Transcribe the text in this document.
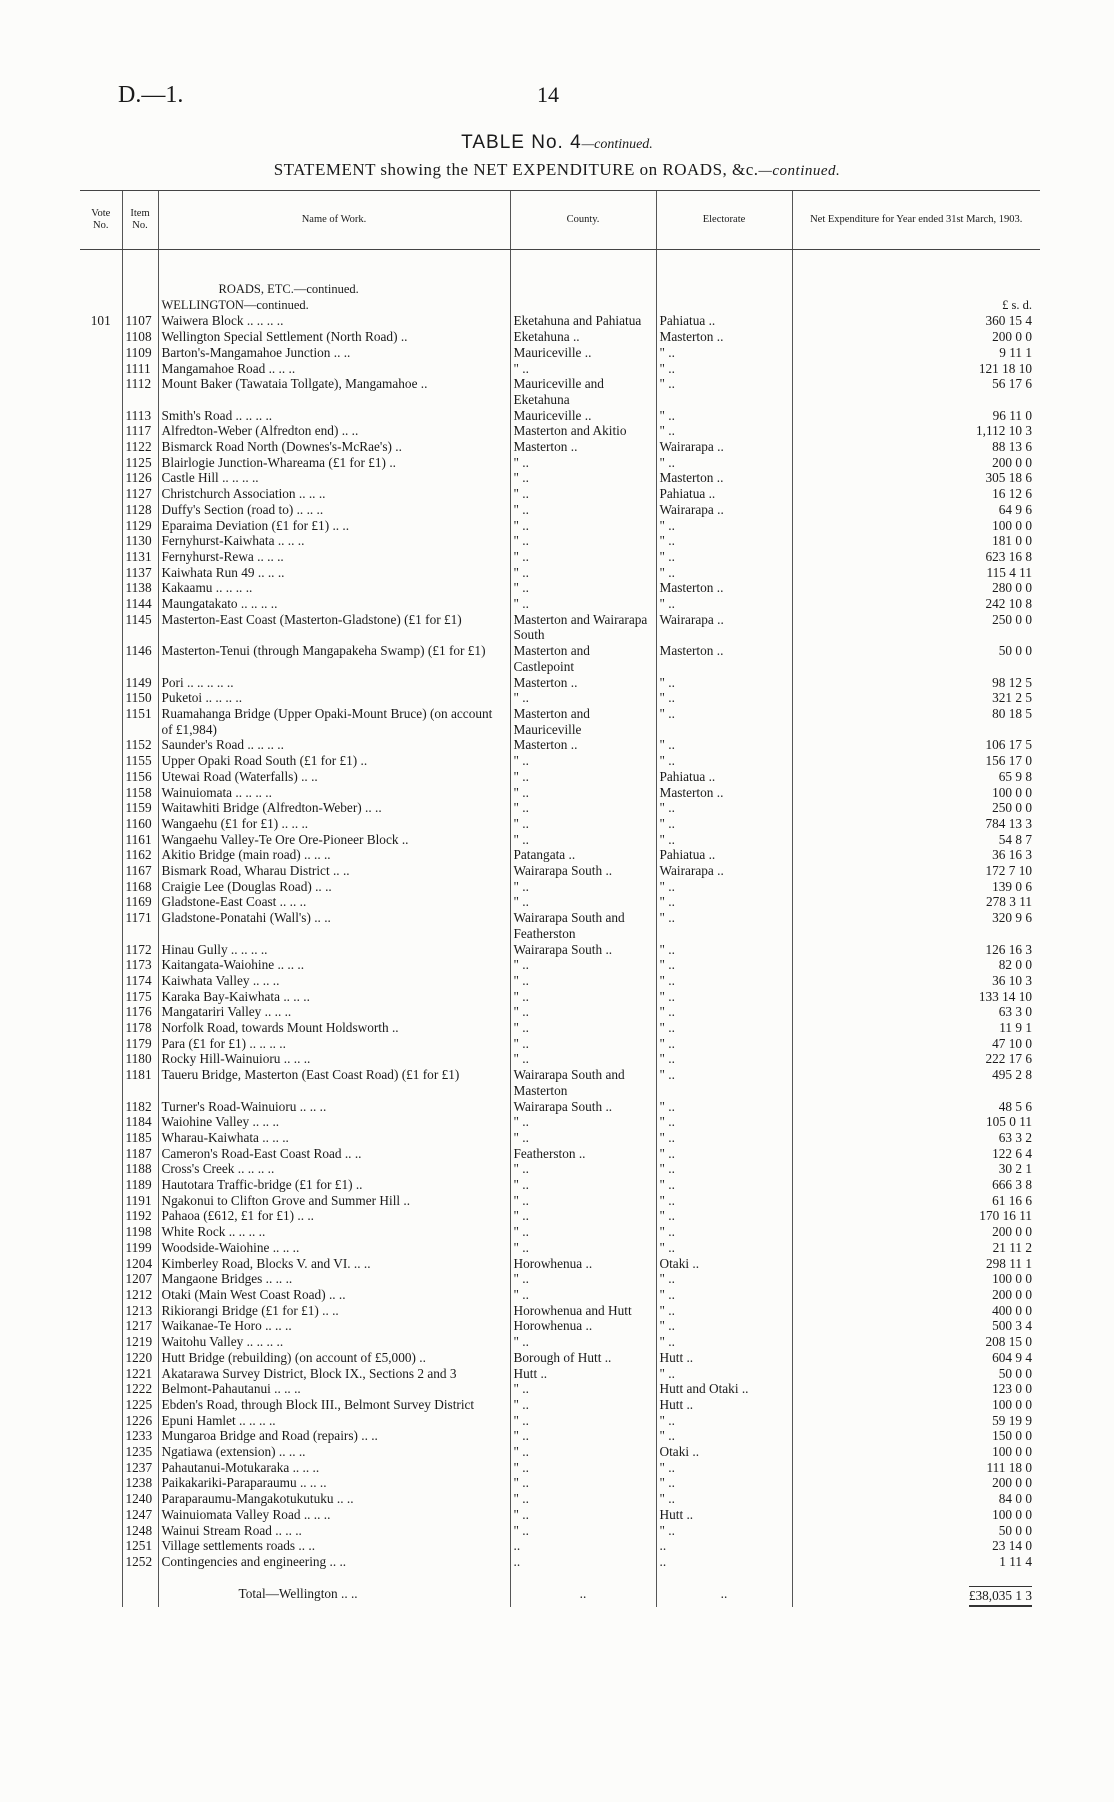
D.—1.	14
TABLE No. 4—continued.
STATEMENT showing the NET EXPENDITURE on ROADS, &c.—continued.
Vote No.	Item No.	Name of Work.	County.	Electorate	Net Expenditure for Year ended 31st March, 1903.

		ROADS, ETC.—continued.			
		WELLINGTON—continued.			£ s. d.
101	1107	Waiwera Block .. .. .. ..	Eketahuna and Pahiatua	Pahiatua ..	360 15 4
	1108	Wellington Special Settlement (North Road) ..	Eketahuna ..	Masterton ..	200 0 0
	1109	Barton's-Mangamahoe Junction .. ..	Mauriceville ..	" ..	9 11 1
	1111	Mangamahoe Road .. .. ..	" ..	" ..	121 18 10
	1112	Mount Baker (Tawataia Tollgate), Mangamahoe ..	Mauriceville and Eketahuna	" ..	56 17 6
	1113	Smith's Road .. .. .. ..	Mauriceville ..	" ..	96 11 0
	1117	Alfredton-Weber (Alfredton end) .. ..	Masterton and Akitio	" ..	1,112 10 3
	1122	Bismarck Road North (Downes's-McRae's) ..	Masterton ..	Wairarapa ..	88 13 6
	1125	Blairlogie Junction-Whareama (£1 for £1) ..	" ..	" ..	200 0 0
	1126	Castle Hill .. .. .. ..	" ..	Masterton ..	305 18 6
	1127	Christchurch Association .. .. ..	" ..	Pahiatua ..	16 12 6
	1128	Duffy's Section (road to) .. .. ..	" ..	Wairarapa ..	64 9 6
	1129	Eparaima Deviation (£1 for £1) .. ..	" ..	" ..	100 0 0
	1130	Fernyhurst-Kaiwhata .. .. ..	" ..	" ..	181 0 0
	1131	Fernyhurst-Rewa .. .. ..	" ..	" ..	623 16 8
	1137	Kaiwhata Run 49 .. .. ..	" ..	" ..	115 4 11
	1138	Kakaamu .. .. .. ..	" ..	Masterton ..	280 0 0
	1144	Maungatakato .. .. .. ..	" ..	" ..	242 10 8
	1145	Masterton-East Coast (Masterton-Gladstone) (£1 for £1)	Masterton and Wairarapa South	Wairarapa ..	250 0 0
	1146	Masterton-Tenui (through Mangapakeha Swamp) (£1 for £1)	Masterton and Castlepoint	Masterton ..	50 0 0
	1149	Pori .. .. .. .. ..	Masterton ..	" ..	98 12 5
	1150	Puketoi .. .. .. ..	" ..	" ..	321 2 5
	1151	Ruamahanga Bridge (Upper Opaki-Mount Bruce) (on account of £1,984)	Masterton and Mauriceville	" ..	80 18 5
	1152	Saunder's Road .. .. .. ..	Masterton ..	" ..	106 17 5
	1155	Upper Opaki Road South (£1 for £1) ..	" ..	" ..	156 17 0
	1156	Utewai Road (Waterfalls) .. ..	" ..	Pahiatua ..	65 9 8
	1158	Wainuiomata .. .. .. ..	" ..	Masterton ..	100 0 0
	1159	Waitawhiti Bridge (Alfredton-Weber) .. ..	" ..	" ..	250 0 0
	1160	Wangaehu (£1 for £1) .. .. ..	" ..	" ..	784 13 3
	1161	Wangaehu Valley-Te Ore Ore-Pioneer Block ..	" ..	" ..	54 8 7
	1162	Akitio Bridge (main road) .. .. ..	Patangata ..	Pahiatua ..	36 16 3
	1167	Bismark Road, Wharau District .. ..	Wairarapa South ..	Wairarapa ..	172 7 10
	1168	Craigie Lee (Douglas Road) .. ..	" ..	" ..	139 0 6
	1169	Gladstone-East Coast .. .. ..	" ..	" ..	278 3 11
	1171	Gladstone-Ponatahi (Wall's) .. ..	Wairarapa South and Featherston	" ..	320 9 6
	1172	Hinau Gully .. .. .. ..	Wairarapa South ..	" ..	126 16 3
	1173	Kaitangata-Waiohine .. .. ..	" ..	" ..	82 0 0
	1174	Kaiwhata Valley .. .. ..	" ..	" ..	36 10 3
	1175	Karaka Bay-Kaiwhata .. .. ..	" ..	" ..	133 14 10
	1176	Mangatariri Valley .. .. ..	" ..	" ..	63 3 0
	1178	Norfolk Road, towards Mount Holdsworth ..	" ..	" ..	11 9 1
	1179	Para (£1 for £1) .. .. .. ..	" ..	" ..	47 10 0
	1180	Rocky Hill-Wainuioru .. .. ..	" ..	" ..	222 17 6
	1181	Taueru Bridge, Masterton (East Coast Road) (£1 for £1)	Wairarapa South and Masterton	" ..	495 2 8
	1182	Turner's Road-Wainuioru .. .. ..	Wairarapa South ..	" ..	48 5 6
	1184	Waiohine Valley .. .. ..	" ..	" ..	105 0 11
	1185	Wharau-Kaiwhata .. .. ..	" ..	" ..	63 3 2
	1187	Cameron's Road-East Coast Road .. ..	Featherston ..	" ..	122 6 4
	1188	Cross's Creek .. .. .. ..	" ..	" ..	30 2 1
	1189	Hautotara Traffic-bridge (£1 for £1) ..	" ..	" ..	666 3 8
	1191	Ngakonui to Clifton Grove and Summer Hill ..	" ..	" ..	61 16 6
	1192	Pahaoa (£612, £1 for £1) .. ..	" ..	" ..	170 16 11
	1198	White Rock .. .. .. ..	" ..	" ..	200 0 0
	1199	Woodside-Waiohine .. .. ..	" ..	" ..	21 11 2
	1204	Kimberley Road, Blocks V. and VI. .. ..	Horowhenua ..	Otaki ..	298 11 1
	1207	Mangaone Bridges .. .. ..	" ..	" ..	100 0 0
	1212	Otaki (Main West Coast Road) .. ..	" ..	" ..	200 0 0
	1213	Rikiorangi Bridge (£1 for £1) .. ..	Horowhenua and Hutt	" ..	400 0 0
	1217	Waikanae-Te Horo .. .. ..	Horowhenua ..	" ..	500 3 4
	1219	Waitohu Valley .. .. .. ..	" ..	" ..	208 15 0
	1220	Hutt Bridge (rebuilding) (on account of £5,000) ..	Borough of Hutt ..	Hutt ..	604 9 4
	1221	Akatarawa Survey District, Block IX., Sections 2 and 3	Hutt ..	" ..	50 0 0
	1222	Belmont-Pahautanui .. .. ..	" ..	Hutt and Otaki ..	123 0 0
	1225	Ebden's Road, through Block III., Belmont Survey District	" ..	Hutt ..	100 0 0
	1226	Epuni Hamlet .. .. .. ..	" ..	" ..	59 19 9
	1233	Mungaroa Bridge and Road (repairs) .. ..	" ..	" ..	150 0 0
	1235	Ngatiawa (extension) .. .. ..	" ..	Otaki ..	100 0 0
	1237	Pahautanui-Motukaraka .. .. ..	" ..	" ..	111 18 0
	1238	Paikakariki-Paraparaumu .. .. ..	" ..	" ..	200 0 0
	1240	Paraparaumu-Mangakotukutuku .. ..	" ..	" ..	84 0 0
	1247	Wainuiomata Valley Road .. .. ..	" ..	Hutt ..	100 0 0
	1248	Wainui Stream Road .. .. ..	" ..	" ..	50 0 0
	1251	Village settlements roads .. ..	..	..	23 14 0
	1252	Contingencies and engineering .. ..	..	..	1 11 4
		Total—Wellington .. ..	..	..	£38,035 1 3
